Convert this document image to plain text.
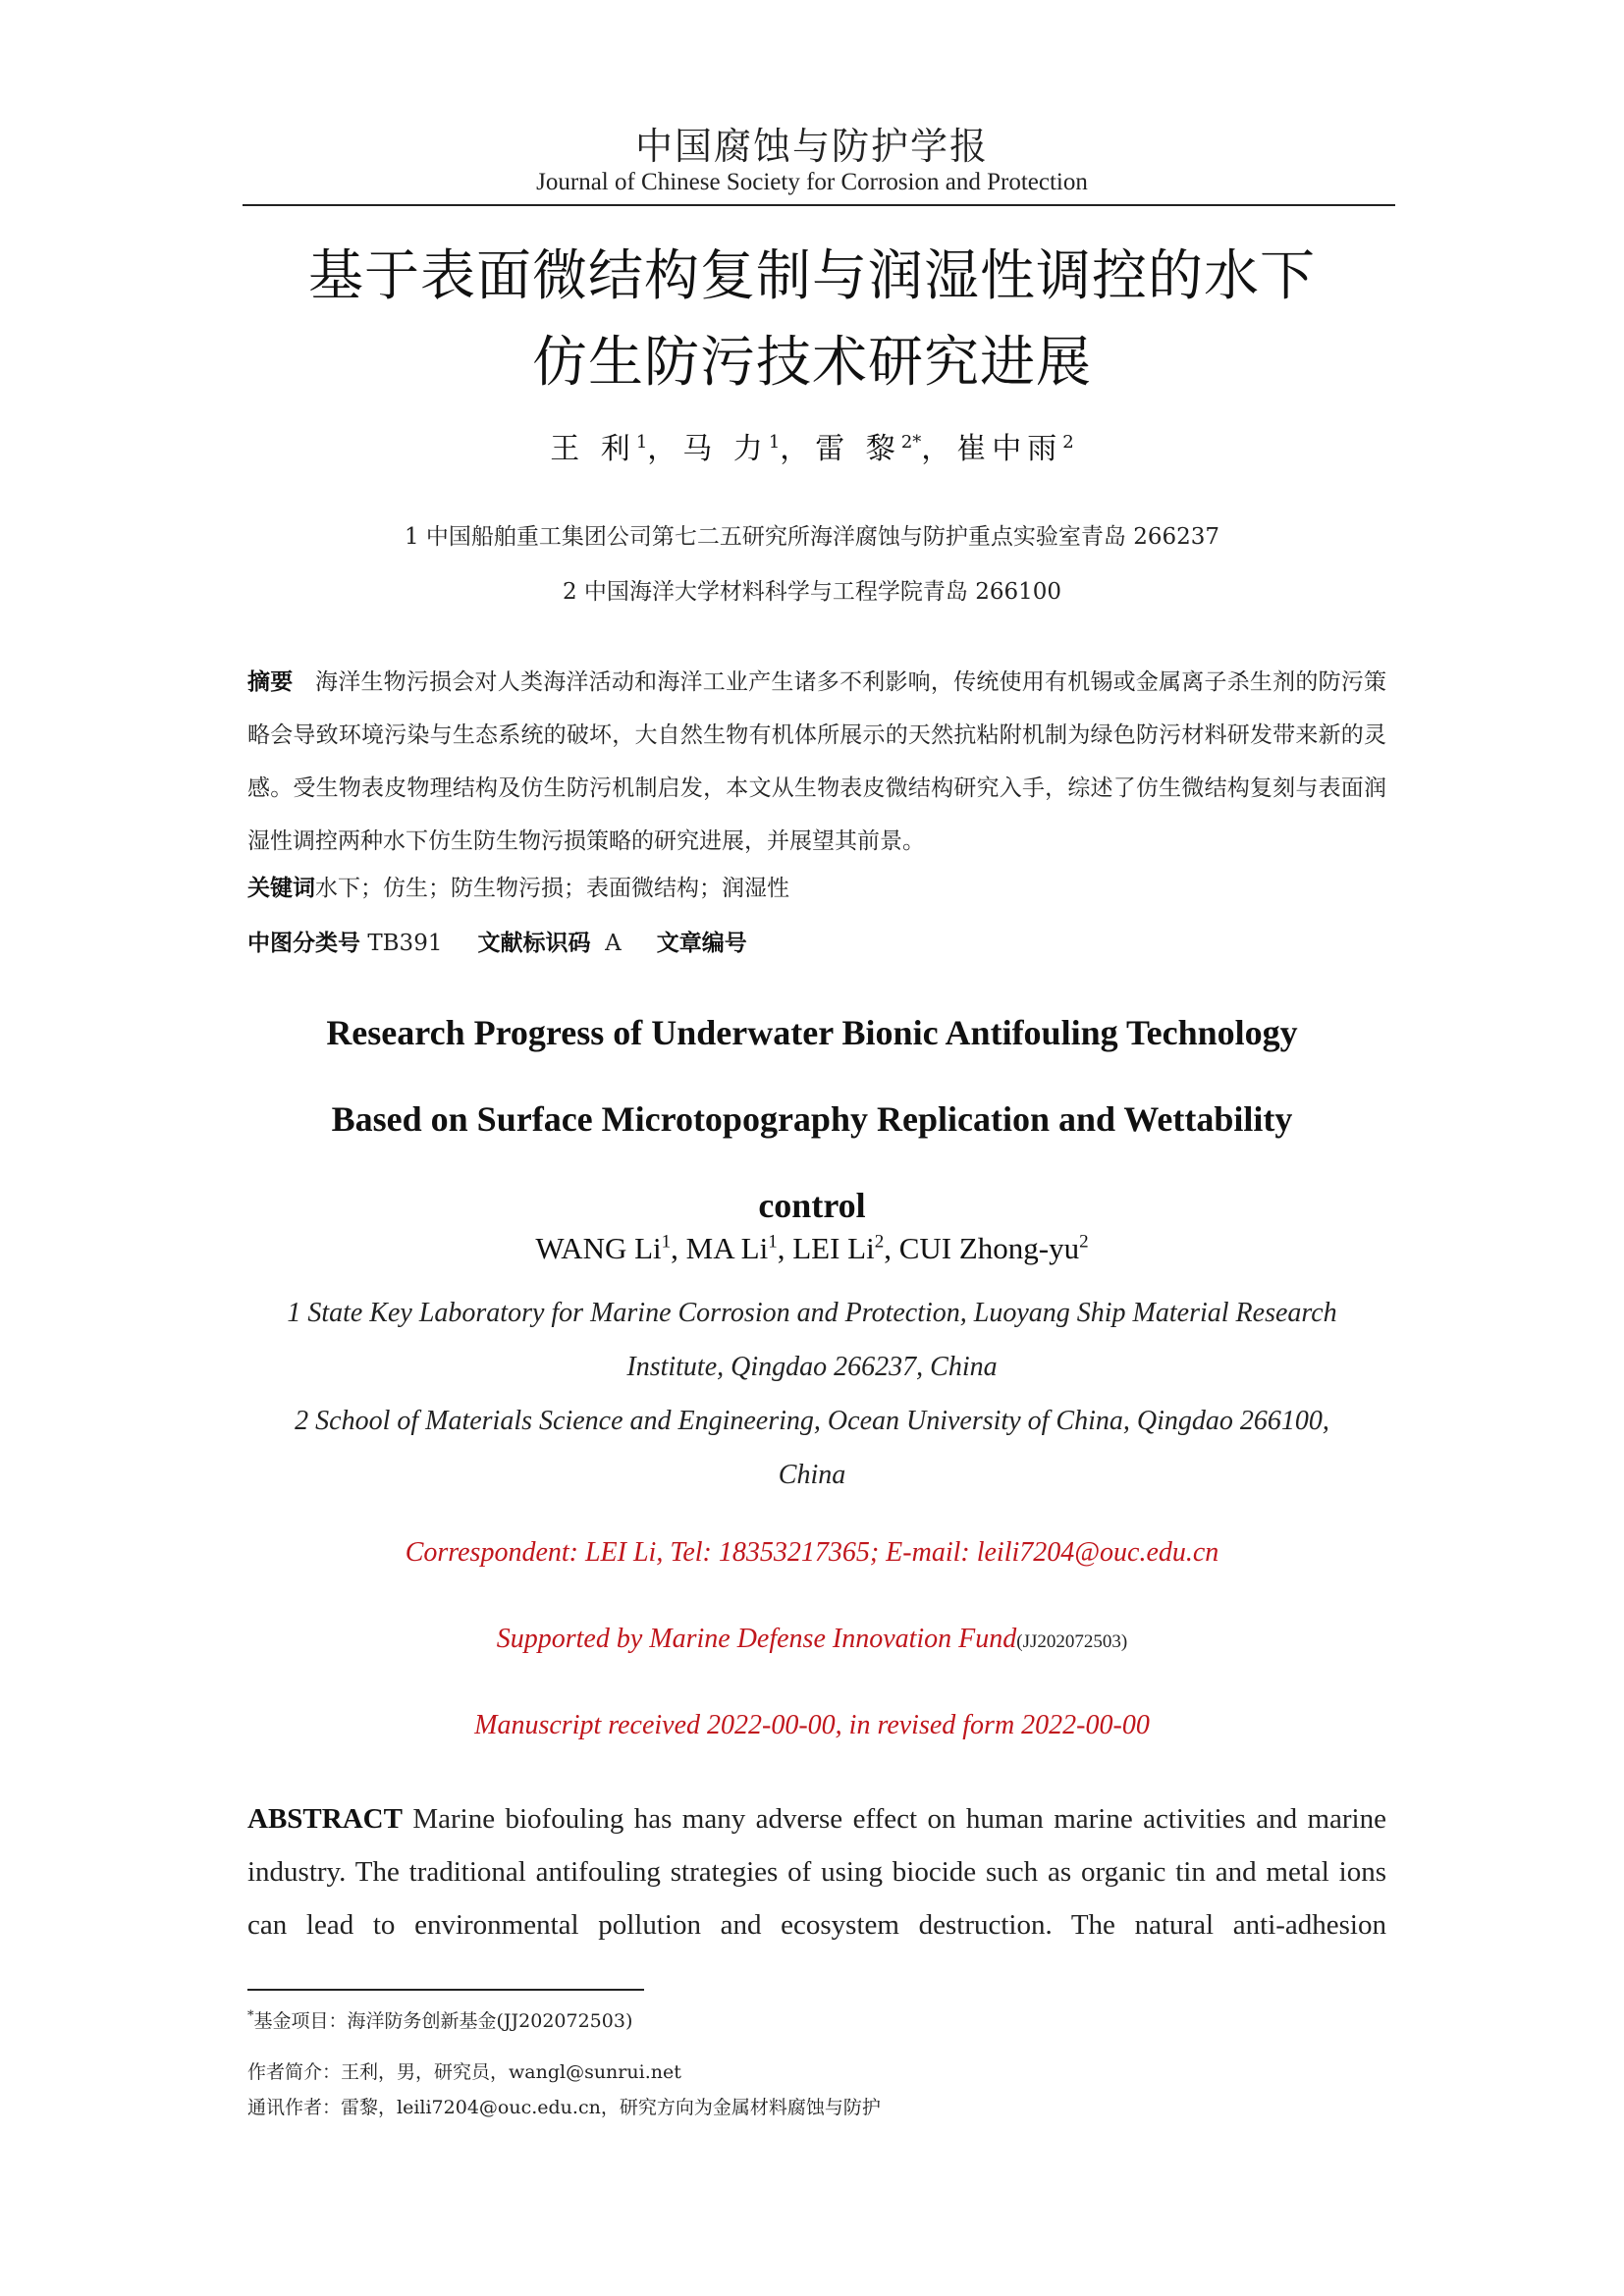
中国腐蚀与防护学报
Journal of Chinese Society for Corrosion and Protection
基于表面微结构复制与润湿性调控的水下
仿生防污技术研究进展
王 利$^1$，马 力$^1$，雷 黎$^{2*}$，崔中雨$^2$
1 中国船舶重工集团公司第七二五研究所海洋腐蚀与防护重点实验室青岛 266237
2 中国海洋大学材料科学与工程学院青岛 266100
摘要 海洋生物污损会对人类海洋活动和海洋工业产生诸多不利影响，传统使用有机锡或金属离子杀生剂的防污策略会导致环境污染与生态系统的破坏，大自然生物有机体所展示的天然抗粘附机制为绿色防污材料研发带来新的灵感。受生物表皮物理结构及仿生防污机制启发，本文从生物表皮微结构研究入手，综述了仿生微结构复刻与表面润湿性调控两种水下仿生防生物污损策略的研究进展，并展望其前景。
关键词水下；仿生；防生物污损；表面微结构；润湿性
中图分类号 TB391 文献标识码 A 文章编号
Research Progress of Underwater Bionic Antifouling Technology
Based on Surface Microtopography Replication and Wettability
control
WANG Li$^1$, MA Li$^1$, LEI Li$^2$, CUI Zhong-$yu^2$
1 State Key Laboratory for Marine Corrosion and Protection, Luoyang Ship Material Research
Institute, Qingdao 266237, China
2 School of Materials Science and Engineering, Ocean University of China, Qingdao 266100,
China
Correspondent: LEI Li, Tel: 18353217365; E-mail: leili7204@ouc.edu.cn
Supported by Marine Defense Innovation Fund(JJ202072503)
Manuscript received 2022-00-00, in revised form 2022-00-00
ABSTRACT Marine biofouling has many adverse effect on human marine activities and marine
industry. The traditional antifouling strategies of using biocide such as organic tin and metal ions
can lead to environmental pollution and ecosystem destruction. The natural anti-adhesion
*基金项目：海洋防务创新基金(JJ202072503)
作者简介：王利，男，研究员，wangl@sunrui.net
通讯作者：雷黎，leili7204@ouc.edu.cn，研究方向为金属材料腐蚀与防护
